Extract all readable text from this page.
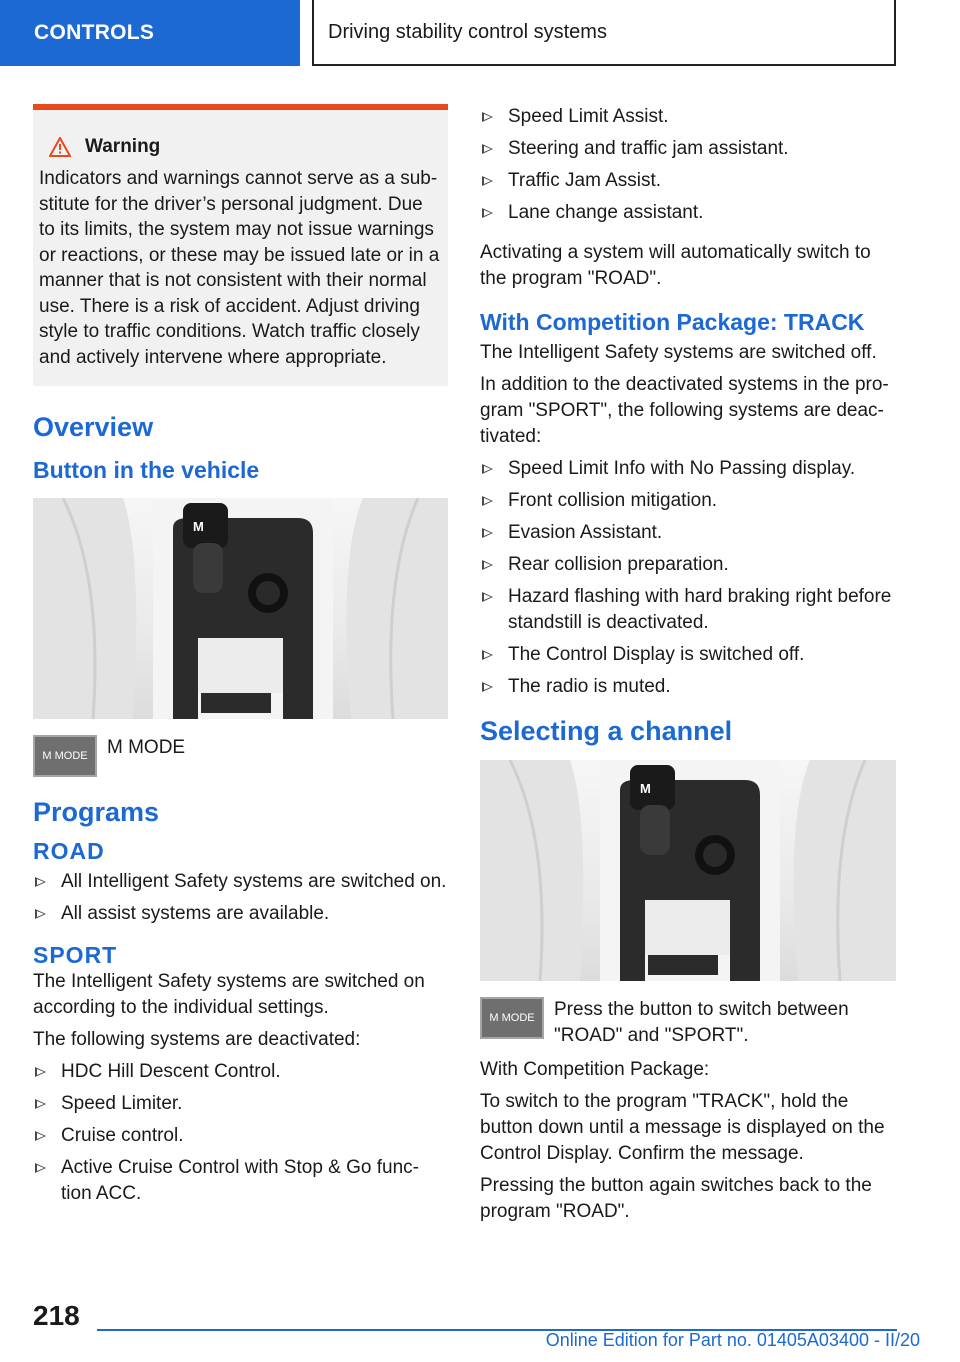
CONTROLS	Driving stability control systems
Warning

Indicators and warnings cannot serve as a sub-stitute for the driver’s personal judgment. Due to its limits, the system may not issue warnings or reactions, or these may be issued late or in a manner that is not consistent with their normal use. There is a risk of accident. Adjust driving style to traffic conditions. Watch traffic closely and actively intervene where appropriate.

Overview
Button in the vehicle
M
M MODE M MODE
Programs
ROAD
All Intelligent Safety systems are switched on.
All assist systems are available.
SPORT

The Intelligent Safety systems are switched on according to the individual settings.

The following systems are deactivated:

HDC Hill Descent Control.
Speed Limiter.
Cruise control.
Active Cruise Control with Stop & Go func-tion ACC.
Speed Limit Assist.
Steering and traffic jam assistant.
Traffic Jam Assist.
Lane change assistant.

Activating a system will automatically switch to the program "ROAD".

With Competition Package: TRACK

The Intelligent Safety systems are switched off.

In addition to the deactivated systems in the pro-gram "SPORT", the following systems are deac-tivated:

Speed Limit Info with No Passing display.
Front collision mitigation.
Evasion Assistant.
Rear collision preparation.
Hazard flashing with hard braking right before standstill is deactivated.
The Control Display is switched off.
The radio is muted.
Selecting a channel
M
M MODE Press the button to switch between "ROAD" and "SPORT".

With Competition Package:

To switch to the program "TRACK", hold the button down until a message is displayed on the Control Display. Confirm the message.

Pressing the button again switches back to the program "ROAD".

218
Online Edition for Part no. 01405A03400 - II/20
